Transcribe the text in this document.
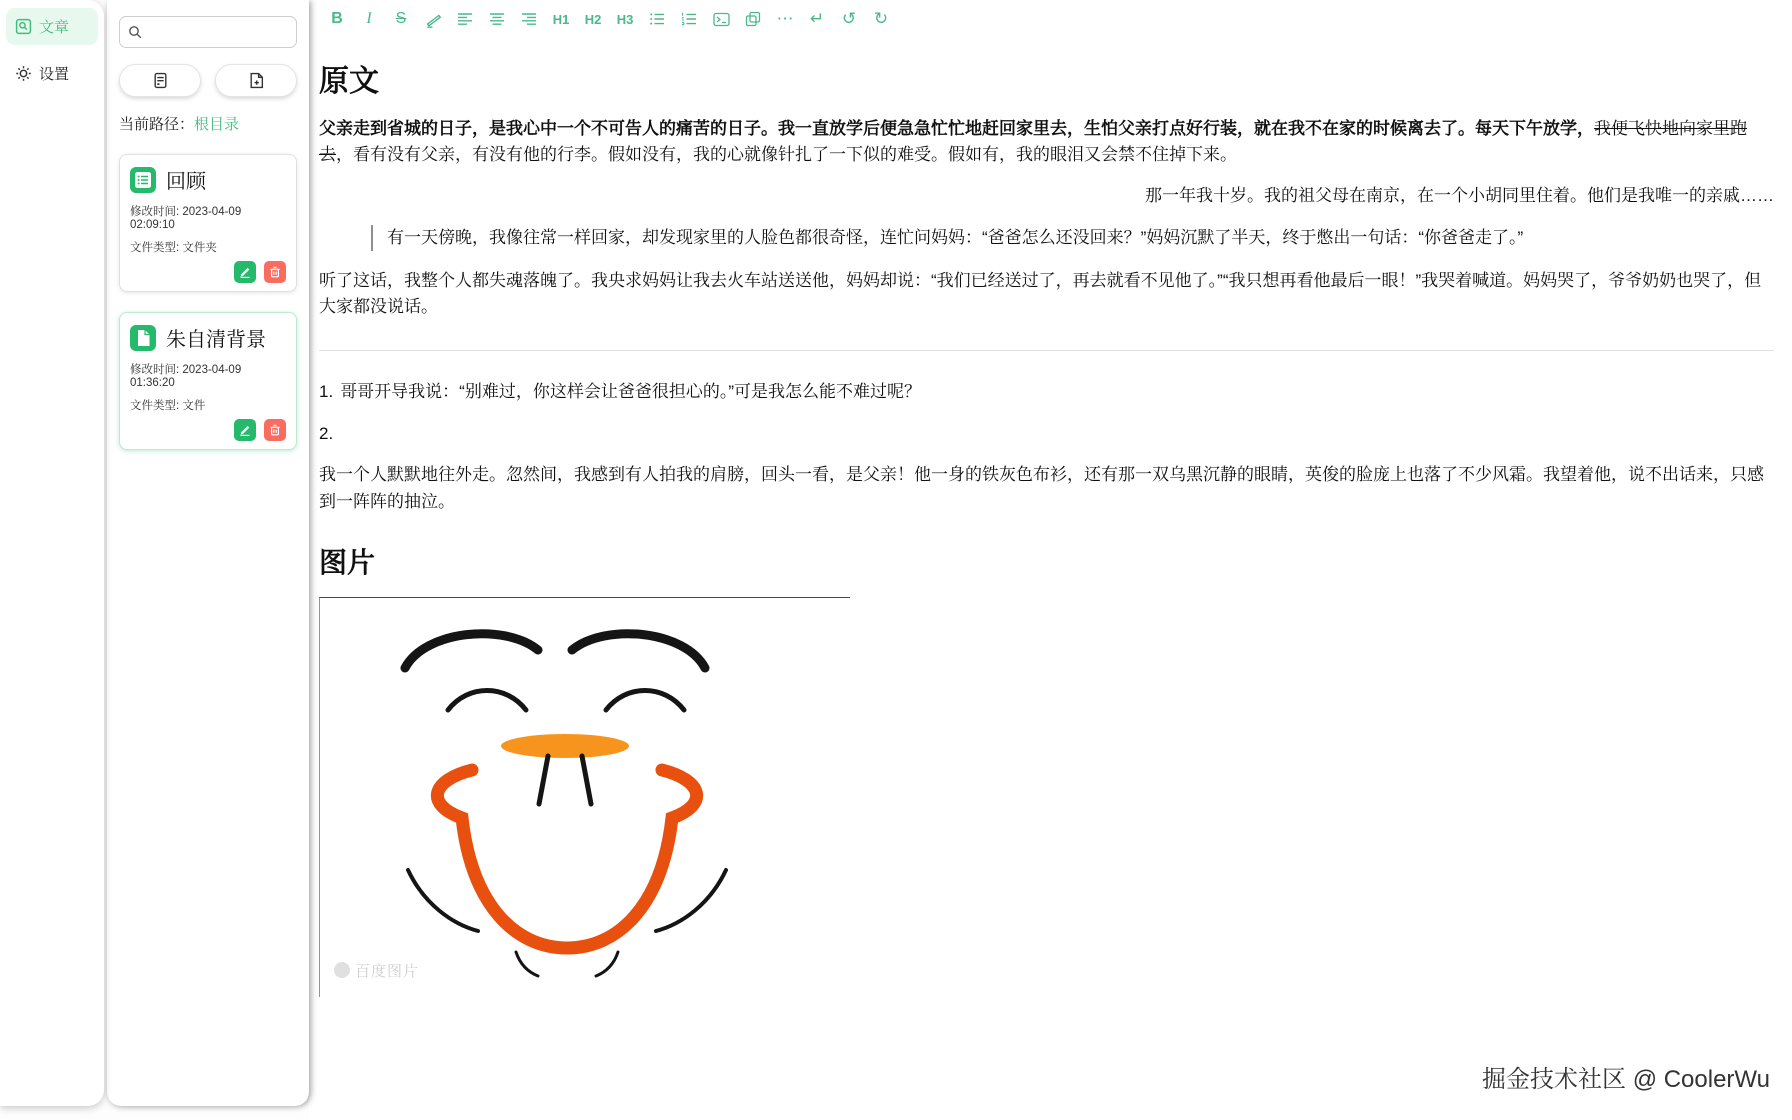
文章
设置
当前路径：根目录
回顾
修改时间: 2023-04-09 02:09:10
文件类型: 文件夹
朱自清背景
修改时间: 2023-04-09 01:36:20
文件类型: 文件
B	I	S	H1	H2	H3	⋯ ↵	↺	↻
原文

父亲走到省城的日子，是我心中一个不可告人的痛苦的日子。我一直放学后便急急忙忙地赶回家里去，生怕父亲打点好行装，就在我不在家的时候离去了。每天下午放学，我便飞快地向家里跑去，看有没有父亲，有没有他的行李。假如没有，我的心就像针扎了一下似的难受。假如有，我的眼泪又会禁不住掉下来。

那一年我十岁。我的祖父母在南京，在一个小胡同里住着。他们是我唯一的亲戚……

有一天傍晚，我像往常一样回家，却发现家里的人脸色都很奇怪，连忙问妈妈：“爸爸怎么还没回来？”妈妈沉默了半天，终于憋出一句话：“你爸爸走了。”

听了这话，我整个人都失魂落魄了。我央求妈妈让我去火车站送送他，妈妈却说：“我们已经送过了，再去就看不见他了。”“我只想再看他最后一眼！”我哭着喊道。妈妈哭了，爷爷奶奶也哭了，但大家都没说话。

1. 哥哥开导我说：“别难过，你这样会让爸爸很担心的。”可是我怎么能不难过呢？
2.

我一个人默默地往外走。忽然间，我感到有人拍我的肩膀，回头一看，是父亲！他一身的铁灰色布衫，还有那一双乌黑沉静的眼睛，英俊的脸庞上也落了不少风霜。我望着他，说不出话来，只感到一阵阵的抽泣。

图片
百度图片
掘金技术社区 @ CoolerWu
